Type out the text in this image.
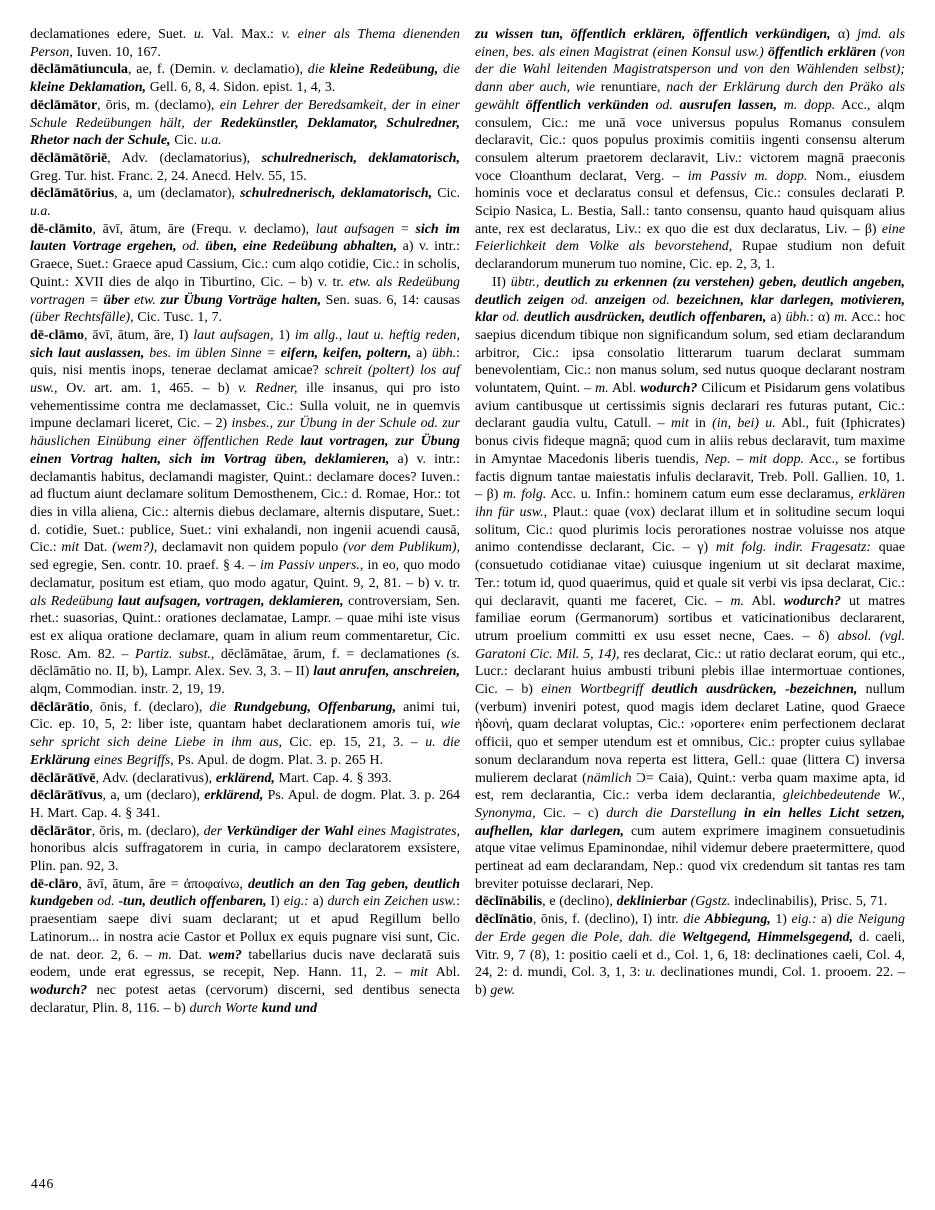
declamationes edere, Suet. u. Val. Max.: v. einer als Thema dienenden Person, Iuven. 10, 167.

dēclāmātiuncula, ae, f. (Demin. v. declamatio), die kleine Redeübung, die kleine Deklamation, Gell. 6, 8, 4. Sidon. epist. 1, 4, 3.

dēclāmātor, ōris, m. (declamo), ein Lehrer der Beredsamkeit, der in einer Schule Redeübungen hält, der Redekünstler, Deklamator, Schulredner, Rhetor nach der Schule, Cic. u.a.

dēclāmātōriē, Adv. (declamatorius), schulrednerisch, deklamatorisch, Greg. Tur. hist. Franc. 2, 24. Anecd. Helv. 55, 15.

dēclāmātōrius, a, um (declamator), schulrednerisch, deklamatorisch, Cic. u.a.

dē-clāmito, āvī, ātum, āre (Frequ. v. declamo), laut aufsagen = sich im lauten Vortrage ergehen, od. üben, eine Redeübung abhalten, a) v. intr.: Graece, Suet.: Graece apud Cassium, Cic.: cum alqo cotidie, Cic.: in scholis, Quint.: XVII dies de alqo in Tiburtino, Cic. – b) v. tr. etw. als Redeübung vortragen = über etw. zur Übung Vorträge halten, Sen. suas. 6, 14: causas (über Rechtsfälle), Cic. Tusc. 1, 7.

dē-clāmo, āvī, ātum, āre, I) laut aufsagen, 1) im allg., laut u. heftig reden, sich laut auslassen, bes. im üblen Sinne = eifern, keifen, poltern, a) übh.: quis, nisi mentis inops, tenerae declamat amicae? schreit (poltert) los auf usw., Ov. art. am. 1, 465. – b) v. Redner, ille insanus, qui pro isto vehementissime contra me declamasset, Cic.: Sulla voluit, ne in quemvis impune declamari liceret, Cic. – 2) insbes., zur Übung in der Schule od. zur häuslichen Einübung einer öffentlichen Rede laut vortragen, zur Übung einen Vortrag halten, sich im Vortrag üben, deklamieren, a) v. intr.: declamantis habitus, declamandi magister, Quint.: declamare doces? Iuven.: ad fluctum aiunt declamare solitum Demosthenem, Cic.: d. Romae, Hor.: tot dies in villa aliena, Cic.: alternis diebus declamare, alternis disputare, Suet.: d. cotidie, Suet.: publice, Suet.: vini exhalandi, non ingenii acuendi causā, Cic.: mit Dat. (wem?), declamavit non quidem populo (vor dem Publikum), sed egregie, Sen. contr. 10. praef. § 4. – im Passiv unpers., in eo, quo modo declamatur, positum est etiam, quo modo agatur, Quint. 9, 2, 81. – b) v. tr. als Redeübung laut aufsagen, vortragen, deklamieren, controversiam, Sen. rhet.: suasorias, Quint.: orationes declamatae, Lampr. – quae mihi iste visus est ex aliqua oratione declamare, quam in alium reum commentaretur, Cic. Rosc. Am. 82. – Partiz. subst., dēclāmātae, ārum, f. = declamationes (s. dēclāmātio no. II, b), Lampr. Alex. Sev. 3, 3. – II) laut anrufen, anschreien, alqm, Commodian. instr. 2, 19, 19.

dēclārātio, ōnis, f. (declaro), die Rundgebung, Offenbarung, animi tui, Cic. ep. 10, 5, 2: liber iste, quantam habet declarationem amoris tui, wie sehr spricht sich deine Liebe in ihm aus, Cic. ep. 15, 21, 3. – u. die Erklärung eines Begriffs, Ps. Apul. de dogm. Plat. 3. p. 265 H.

dēclārātīvē, Adv. (declarativus), erklärend, Mart. Cap. 4. § 393.

dēclārātīvus, a, um (declaro), erklärend, Ps. Apul. de dogm. Plat. 3. p. 264 H. Mart. Cap. 4. § 341.

dēclārātor, ōris, m. (declaro), der Verkündiger der Wahl eines Magistrates, honoribus alcis suffragatorem in curia, in campo declaratorem exsistere, Plin. pan. 92, 3.

dē-clāro, āvī, ātum, āre = ἀποφαίνω, deutlich an den Tag geben, deutlich kundgeben od. -tun, deutlich offenbaren, I) eig.: a) durch ein Zeichen usw.: praesentiam saepe divi suam declarant; ut et apud Regillum bello Latinorum... in nostra acie Castor et Pollux ex equis pugnare visi sunt, Cic. de nat. deor. 2, 6. – m. Dat. wem? tabellarius ducis nave declaratā suis eodem, unde erat egressus, se recepit, Nep. Hann. 11, 2. – mit Abl. wodurch? nec potest aetas (cervorum) discerni, sed dentibus senecta declaratur, Plin. 8, 116. – b) durch Worte kund und

zu wissen tun, öffentlich erklären, öffentlich verkündigen, α) jmd. als einen, bes. als einen Magistrat (einen Konsul usw.) öffentlich erklären (von der die Wahl leitenden Magistratsperson und von den Wählenden selbst); dann aber auch, wie renuntiare, nach der Erklärung durch den Präko als gewählt öffentlich verkünden od. ausrufen lassen, m. dopp. Acc., alqm consulem, Cic.: me unā voce universus populus Romanus consulem declaravit, Cic.: quos populus proximis comitiis ingenti consensu alterum consulem alterum praetorem declaravit, Liv.: victorem magnā praeconis voce Cloanthum declarat, Verg. – im Passiv m. dopp. Nom., eiusdem hominis voce et declaratus consul et defensus, Cic.: consules declarati P. Scipio Nasica, L. Bestia, Sall.: tanto consensu, quanto haud quisquam alius ante, rex est declaratus, Liv.: ex quo die est dux declaratus, Liv. – β) eine Feierlichkeit dem Volke als bevorstehend, Rupae studium non defuit declarandorum munerum tuo nomine, Cic. ep. 2, 3, 1.

II) übtr., deutlich zu erkennen (zu verstehen) geben, deutlich angeben, deutlich zeigen od. anzeigen od. bezeichnen, klar darlegen, motivieren, klar od. deutlich ausdrücken, deutlich offenbaren, a) übh.: α) m. Acc.: hoc saepius dicendum tibique non significandum solum, sed etiam declarandum arbitror, Cic.: ipsa consolatio litterarum tuarum declarat summam benevolentiam, Cic.: non manus solum, sed nutus quoque declarant nostram voluntatem, Quint. – m. Abl. wodurch? Cilicum et Pisidarum gens volatibus avium cantibusque ut certissimis signis declarari res futuras putant, Cic.: declarant gaudia vultu, Catull. – mit in (in, bei) u. Abl., fuit (Iphicrates) bonus civis fideque magnā; quod cum in aliis rebus declaravit, tum maxime in Amyntae Macedonis liberis tuendis, Nep. – mit dopp. Acc., se fortibus factis dignum tantae maiestatis infulis declaravit, Treb. Poll. Gallien. 10, 1. – β) m. folg. Acc. u. Infin.: hominem catum eum esse declaramus, erklären ihn für usw., Plaut.: quae (vox) declarat illum et in solitudine secum loqui solitum, Cic.: quod plurimis locis perorationes nostrae voluisse nos atque animo contendisse declarant, Cic. – γ) mit folg. indir. Fragesatz: quae (consuetudo cotidianae vitae) cuiusque ingenium ut sit declarat maxime, Ter.: totum id, quod quaerimus, quid et quale sit verbi vis ipsa declarat, Cic.: qui declaravit, quanti me faceret, Cic. – m. Abl. wodurch? ut matres familiae eorum (Germanorum) sortibus et vaticinationibus declararent, utrum proelium committi ex usu esset necne, Caes. – δ) absol. (vgl. Garatoni Cic. Mil. 5, 14), res declarat, Cic.: ut ratio declarat eorum, qui etc., Lucr.: declarant huius ambusti tribuni plebis illae intermortuae contiones, Cic. – b) einen Wortbegriff deutlich ausdrücken, -bezeichnen, nullum (verbum) inveniri potest, quod magis idem declaret Latine, quod Graece ἡδονή, quam declarat voluptas, Cic.: ›oportere‹ enim perfectionem declarat officii, quo et semper utendum est et omnibus, Cic.: propter cuius syllabae sonum declarandum nova reperta est littera, Gell.: quae (littera C) inversa mulierem declarat (nämlich Ɔ= Caia), Quint.: verba quam maxime apta, id est, rem declarantia, Cic.: verba idem declarantia, gleichbedeutende W., Synonyma, Cic. – c) durch die Darstellung in ein helles Licht setzen, aufhellen, klar darlegen, cum autem exprimere imaginem consuetudinis atque vitae velimus Epaminondae, nihil videmur debere praetermittere, quod pertineat ad eam declarandam, Nep.: quod vix credendum sit tantas res tam breviter potuisse declarari, Nep.

dēclīnābilis, e (declino), deklinierbar (Ggstz. indeclinabilis), Prisc. 5, 71.

dēclīnātio, ōnis, f. (declino), I) intr. die Abbiegung, 1) eig.: a) die Neigung der Erde gegen die Pole, dah. die Weltgegend, Himmelsgegend, d. caeli, Vitr. 9, 7 (8), 1: positio caeli et d., Col. 1, 6, 18: declinationes caeli, Col. 4, 24, 2: d. mundi, Col. 3, 1, 3: u. declinationes mundi, Col. 1. prooem. 22. – b) gew.

446
